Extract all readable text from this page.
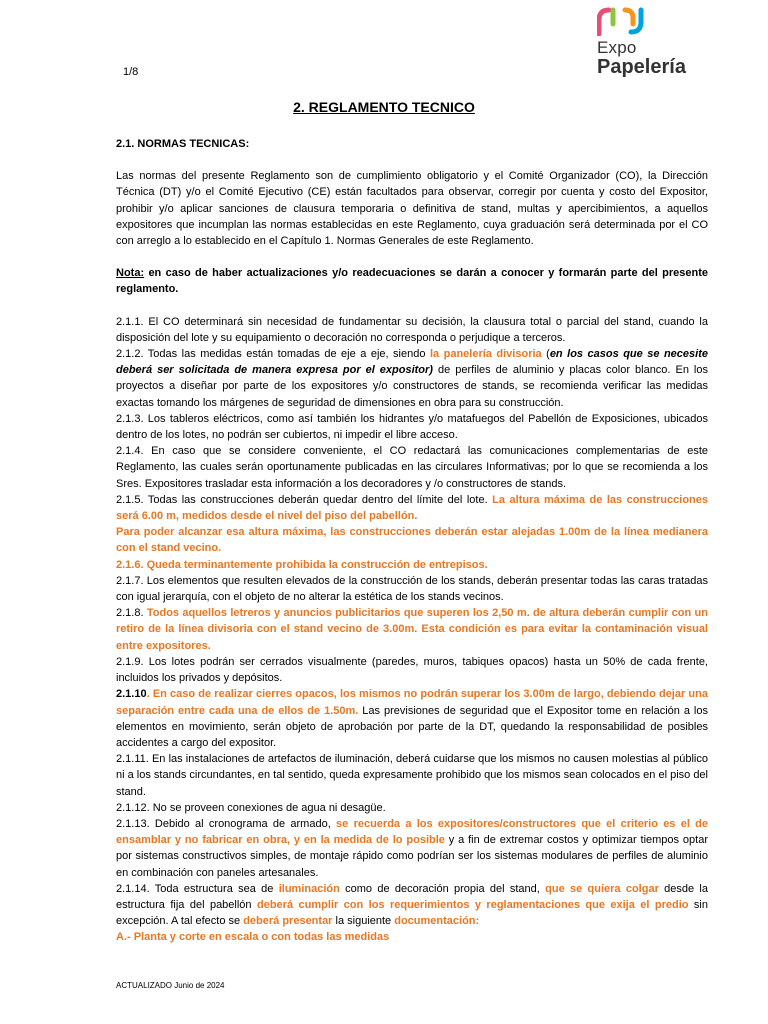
1/8
Expo
Papelería
2. REGLAMENTO TECNICO

2.1. NORMAS TECNICAS:

Las normas del presente Reglamento son de cumplimiento obligatorio y el Comité Organizador (CO), la Dirección Técnica (DT) y/o el Comité Ejecutivo (CE) están facultados para observar, corregir por cuenta y costo del Expositor, prohibir y/o aplicar sanciones de clausura temporaria o definitiva de stand, multas y apercibimientos, a aquellos expositores que incumplan las normas establecidas en este Reglamento, cuya graduación será determinada por el CO con arreglo a lo establecido en el Capítulo 1. Normas Generales de este Reglamento.

Nota: en caso de haber actualizaciones y/o readecuaciones se darán a conocer y formarán parte del presente reglamento.

2.1.1. El CO determinará sin necesidad de fundamentar su decisión, la clausura total o parcial del stand, cuando la disposición del lote y su equipamiento o decoración no corresponda o perjudique a terceros.

2.1.2. Todas las medidas están tomadas de eje a eje, siendo la panelería divisoria (en los casos que se necesite deberá ser solicitada de manera expresa por el expositor) de perfiles de aluminio y placas color blanco. En los proyectos a diseñar por parte de los expositores y/o constructores de stands, se recomienda verificar las medidas exactas tomando los márgenes de seguridad de dimensiones en obra para su construcción.

2.1.3. Los tableros eléctricos, como así también los hidrantes y/o matafuegos del Pabellón de Exposiciones, ubicados dentro de los lotes, no podrán ser cubiertos, ni impedir el libre acceso.

2.1.4. En caso que se considere conveniente, el CO redactará las comunicaciones complementarias de este Reglamento, las cuales serán oportunamente publicadas en las circulares Informativas; por lo que se recomienda a los Sres. Expositores trasladar esta información a los decoradores y /o constructores de stands.

2.1.5. Todas las construcciones deberán quedar dentro del límite del lote. La altura máxima de las construcciones será 6.00 m, medidos desde el nivel del piso del pabellón.

Para poder alcanzar esa altura máxima, las construcciones deberán estar alejadas 1.00m de la línea medianera con el stand vecino.

2.1.6. Queda terminantemente prohibida la construcción de entrepisos.

2.1.7. Los elementos que resulten elevados de la construcción de los stands, deberán presentar todas las caras tratadas con igual jerarquía, con el objeto de no alterar la estética de los stands vecinos.

2.1.8. Todos aquellos letreros y anuncios publicitarios que superen los 2,50 m. de altura deberán cumplir con un retiro de la línea divisoria con el stand vecino de 3.00m. Esta condición es para evitar la contaminación visual entre expositores.

2.1.9. Los lotes podrán ser cerrados visualmente (paredes, muros, tabiques opacos) hasta un 50% de cada frente, incluidos los privados y depósitos.

2.1.10. En caso de realizar cierres opacos, los mismos no podrán superar los 3.00m de largo, debiendo dejar una separación entre cada una de ellos de 1.50m. Las previsiones de seguridad que el Expositor tome en relación a los elementos en movimiento, serán objeto de aprobación por parte de la DT, quedando la responsabilidad de posibles accidentes a cargo del expositor.

2.1.11. En las instalaciones de artefactos de iluminación, deberá cuidarse que los mismos no causen molestias al público ni a los stands circundantes, en tal sentido, queda expresamente prohibido que los mismos sean colocados en el piso del stand.

2.1.12. No se proveen conexiones de agua ni desagüe.

2.1.13. Debido al cronograma de armado, se recuerda a los expositores/constructores que el criterio es el de ensamblar y no fabricar en obra, y en la medida de lo posible y a fin de extremar costos y optimizar tiempos optar por sistemas constructivos simples, de montaje rápido como podrían ser los sistemas modulares de perfiles de aluminio en combinación con paneles artesanales.

2.1.14. Toda estructura sea de iluminación como de decoración propia del stand, que se quiera colgar desde la estructura fija del pabellón deberá cumplir con los requerimientos y reglamentaciones que exija el predio sin excepción. A tal efecto se deberá presentar la siguiente documentación:

A.- Planta y corte en escala o con todas las medidas

ACTUALIZADO Junio de 2024
